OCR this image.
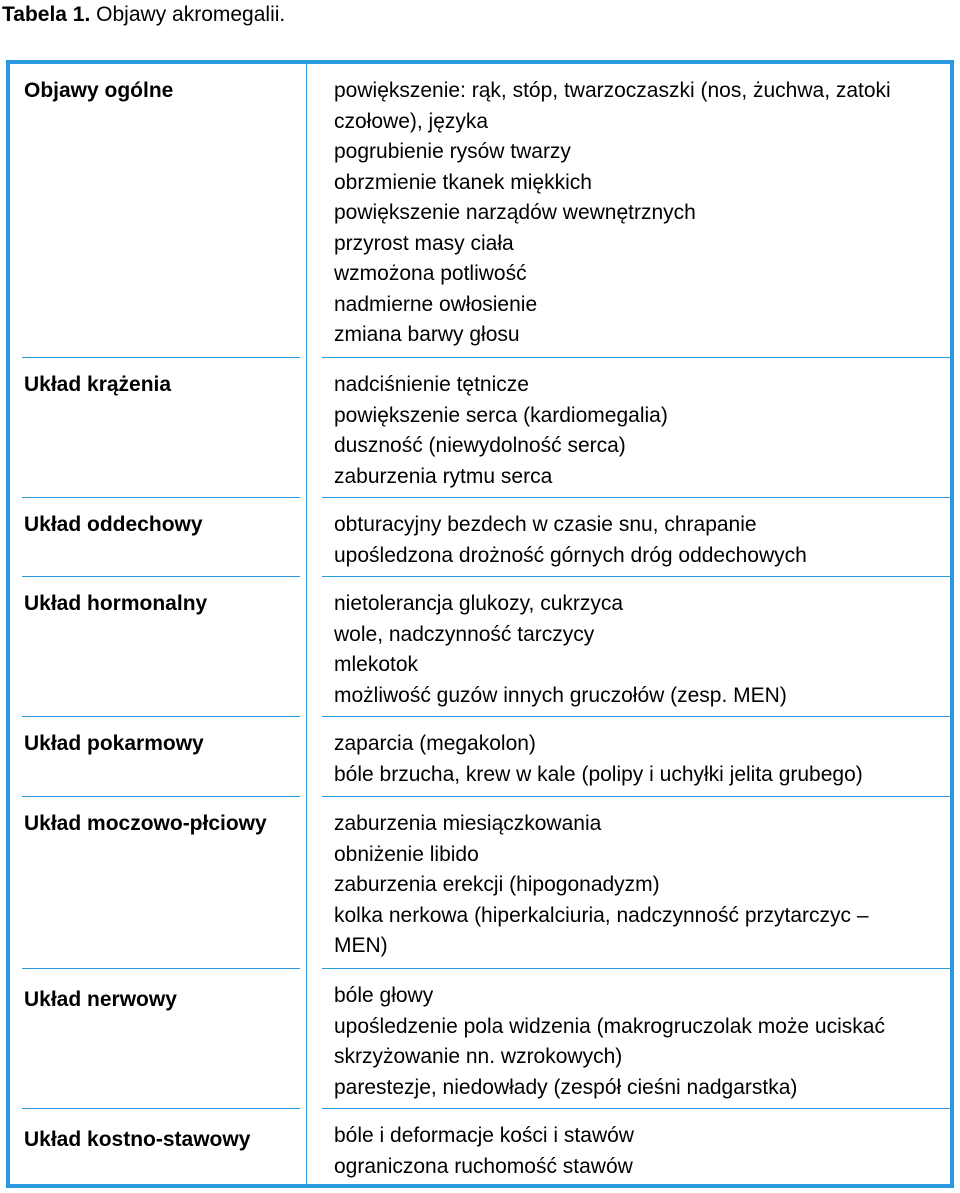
Tabela 1. Objawy akromegalii.
Objawy ogólne	powiększenie: rąk, stóp, twarzoczaszki (nos, żuchwa, zatoki
czołowe), języka
pogrubienie rysów twarzy
obrzmienie tkanek miękkich
powiększenie narządów wewnętrznych
przyrost masy ciała
wzmożona potliwość
nadmierne owłosienie
zmiana barwy głosu
Układ krążenia	nadciśnienie tętnicze
powiększenie serca (kardiomegalia)
duszność (niewydolność serca)
zaburzenia rytmu serca
Układ oddechowy	obturacyjny bezdech w czasie snu, chrapanie
upośledzona drożność górnych dróg oddechowych
Układ hormonalny	nietolerancja glukozy, cukrzyca
wole, nadczynność tarczycy
mlekotok
możliwość guzów innych gruczołów (zesp. MEN)
Układ pokarmowy	zaparcia (megakolon)
bóle brzucha, krew w kale (polipy i uchyłki jelita grubego)
Układ moczowo-płciowy	zaburzenia miesiączkowania
obniżenie libido
zaburzenia erekcji (hipogonadyzm)
kolka nerkowa (hiperkalciuria, nadczynność przytarczyc –
MEN)
Układ nerwowy	bóle głowy
upośledzenie pola widzenia (makrogruczolak może uciskać
skrzyżowanie nn. wzrokowych)
parestezje, niedowłady (zespół cieśni nadgarstka)
Układ kostno-stawowy	bóle i deformacje kości i stawów
ograniczona ruchomość stawów
